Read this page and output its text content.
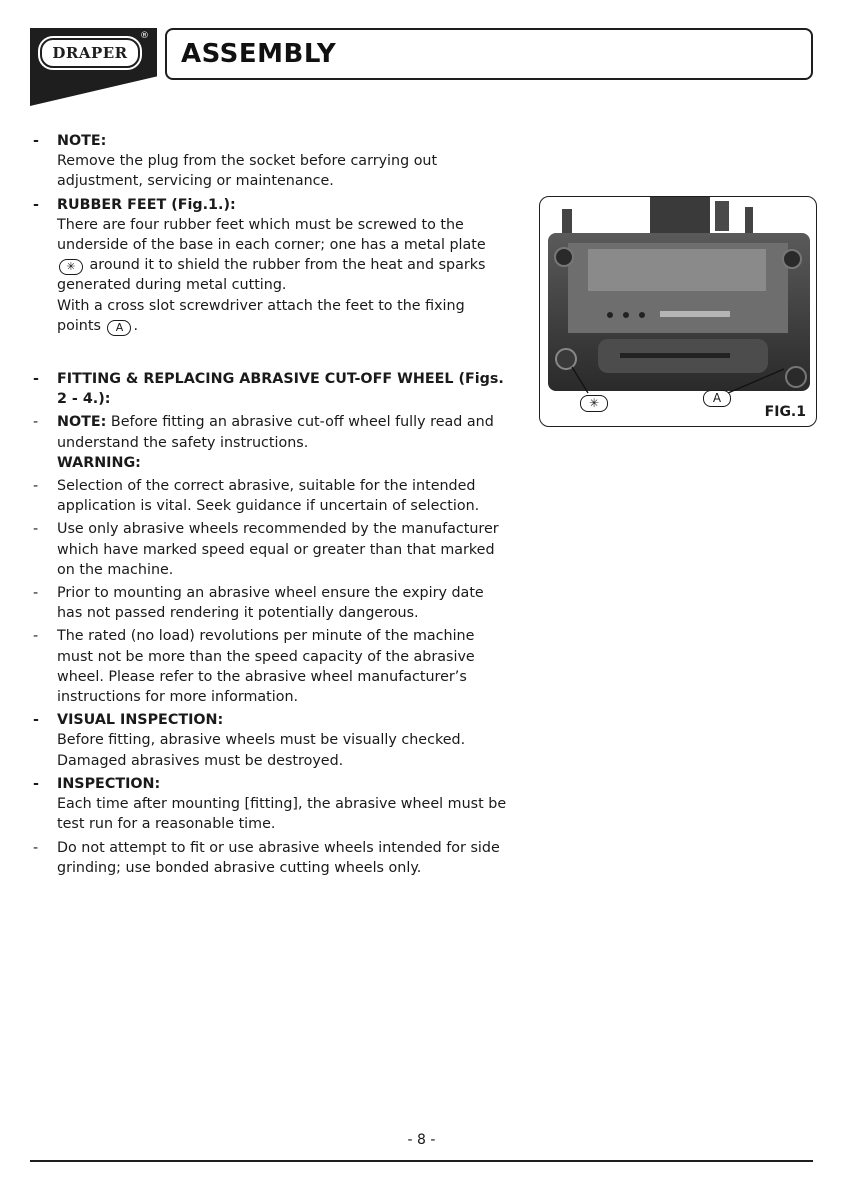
DRAPER
®
ASSEMBLY
- NOTE:
Remove the plug from the socket before carrying out adjustment, servicing or maintenance.
- RUBBER FEET (Fig.1.):
There are four rubber feet which must be screwed to the underside of the base in each corner; one has a metal plate ✳ around it to shield the rubber from the heat and sparks generated during metal cutting.
With a cross slot screwdriver attach the feet to the fixing points A .
- FITTING & REPLACING ABRASIVE CUT-OFF WHEEL (Figs. 2 - 4.):
- NOTE: Before fitting an abrasive cut-off wheel fully read and understand the safety instructions.
WARNING:
- Selection of the correct abrasive, suitable for the intended application is vital. Seek guidance if uncertain of selection.
- Use only abrasive wheels recommended by the manufacturer which have marked speed equal or greater than that marked on the machine.
- Prior to mounting an abrasive wheel ensure the expiry date has not passed rendering it potentially dangerous.
- The rated (no load) revolutions per minute of the machine must not be more than the speed capacity of the abrasive wheel. Please refer to the abrasive wheel manufacturer’s instructions for more information.
- VISUAL INSPECTION:
Before fitting, abrasive wheels must be visually checked. Damaged abrasives must be destroyed.
- INSPECTION:
Each time after mounting [fitting], the abrasive wheel must be test run for a reasonable time.
- Do not attempt to fit or use abrasive wheels intended for side grinding; use bonded abrasive cutting wheels only.
✳	A
FIG.1
- 8 -
